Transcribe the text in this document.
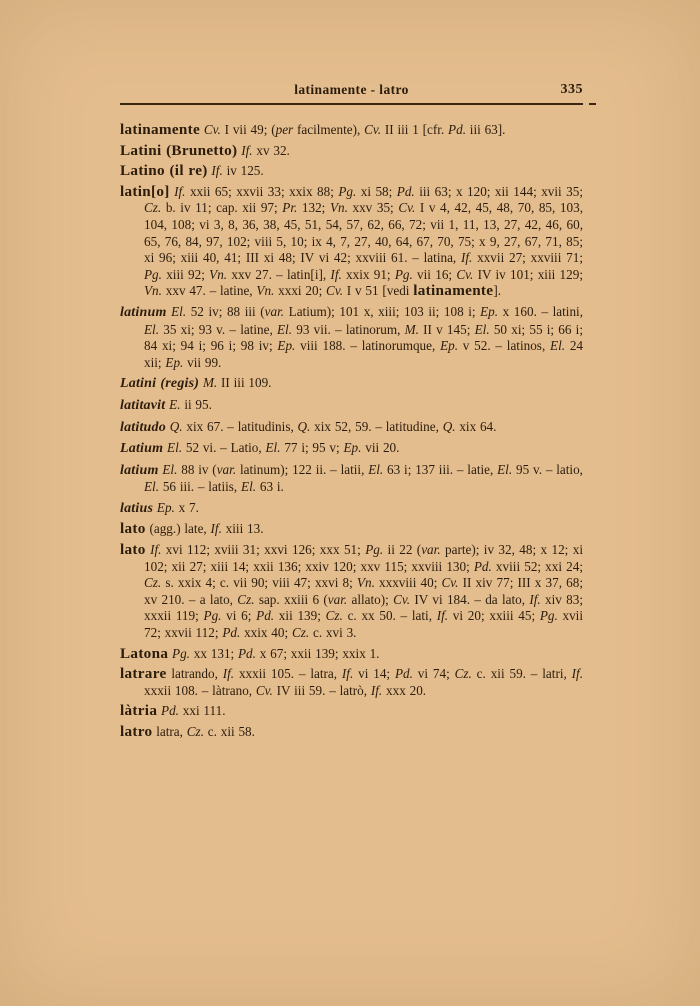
latinamente - latro	335

latinamente Cv. I vii 49; (per facilmente), Cv. II iii 1 [cfr. Pd. iii 63].

Latini (Brunetto) If. xv 32.

Latino (il re) If. iv 125.

latin[o] If. xxii 65; xxvii 33; xxix 88; Pg. xi 58; Pd. iii 63; x 120; xii 144; xvii 35; Cz. b. iv 11; cap. xii 97; Pr. 132; Vn. xxv 35; Cv. I v 4, 42, 45, 48, 70, 85, 103, 104, 108; vi 3, 8, 36, 38, 45, 51, 54, 57, 62, 66, 72; vii 1, 11, 13, 27, 42, 46, 60, 65, 76, 84, 97, 102; viii 5, 10; ix 4, 7, 27, 40, 64, 67, 70, 75; x 9, 27, 67, 71, 85; xi 96; xiii 40, 41; III xi 48; IV vi 42; xxviii 61. – latina, If. xxvii 27; xxviii 71; Pg. xiii 92; Vn. xxv 27. – latin[i], If. xxix 91; Pg. vii 16; Cv. IV iv 101; xiii 129; Vn. xxv 47. – latine, Vn. xxxi 20; Cv. I v 51 [vedi latinamente].

latinum El. 52 iv; 88 iii (var. Latium); 101 x, xiii; 103 ii; 108 i; Ep. x 160. – latini, El. 35 xi; 93 v. – latine, El. 93 vii. – latinorum, M. II v 145; El. 50 xi; 55 i; 66 i; 84 xi; 94 i; 96 i; 98 iv; Ep. viii 188. – latinorumque, Ep. v 52. – latinos, El. 24 xii; Ep. vii 99.

Latini (regis) M. II iii 109.

latitavit E. ii 95.

latitudo Q. xix 67. – latitudinis, Q. xix 52, 59. – latitudine, Q. xix 64.

Latium El. 52 vi. – Latio, El. 77 i; 95 v; Ep. vii 20.

latium El. 88 iv (var. latinum); 122 ii. – latii, El. 63 i; 137 iii. – latie, El. 95 v. – latio, El. 56 iii. – latiis, El. 63 i.

latius Ep. x 7.

lato (agg.) late, If. xiii 13.

lato If. xvi 112; xviii 31; xxvi 126; xxx 51; Pg. ii 22 (var. parte); iv 32, 48; x 12; xi 102; xii 27; xiii 14; xxii 136; xxiv 120; xxv 115; xxviii 130; Pd. xviii 52; xxi 24; Cz. s. xxix 4; c. vii 90; viii 47; xxvi 8; Vn. xxxviii 40; Cv. II xiv 77; III x 37, 68; xv 210. – a lato, Cz. sap. xxiii 6 (var. allato); Cv. IV vi 184. – da lato, If. xiv 83; xxxii 119; Pg. vi 6; Pd. xii 139; Cz. c. xx 50. – lati, If. vi 20; xxiii 45; Pg. xvii 72; xxvii 112; Pd. xxix 40; Cz. c. xvi 3.

Latona Pg. xx 131; Pd. x 67; xxii 139; xxix 1.

latrare latrando, If. xxxii 105. – latra, If. vi 14; Pd. vi 74; Cz. c. xii 59. – latri, If. xxxii 108. – làtrano, Cv. IV iii 59. – latrò, If. xxx 20.

làtria Pd. xxi 111.

latro latra, Cz. c. xii 58.
